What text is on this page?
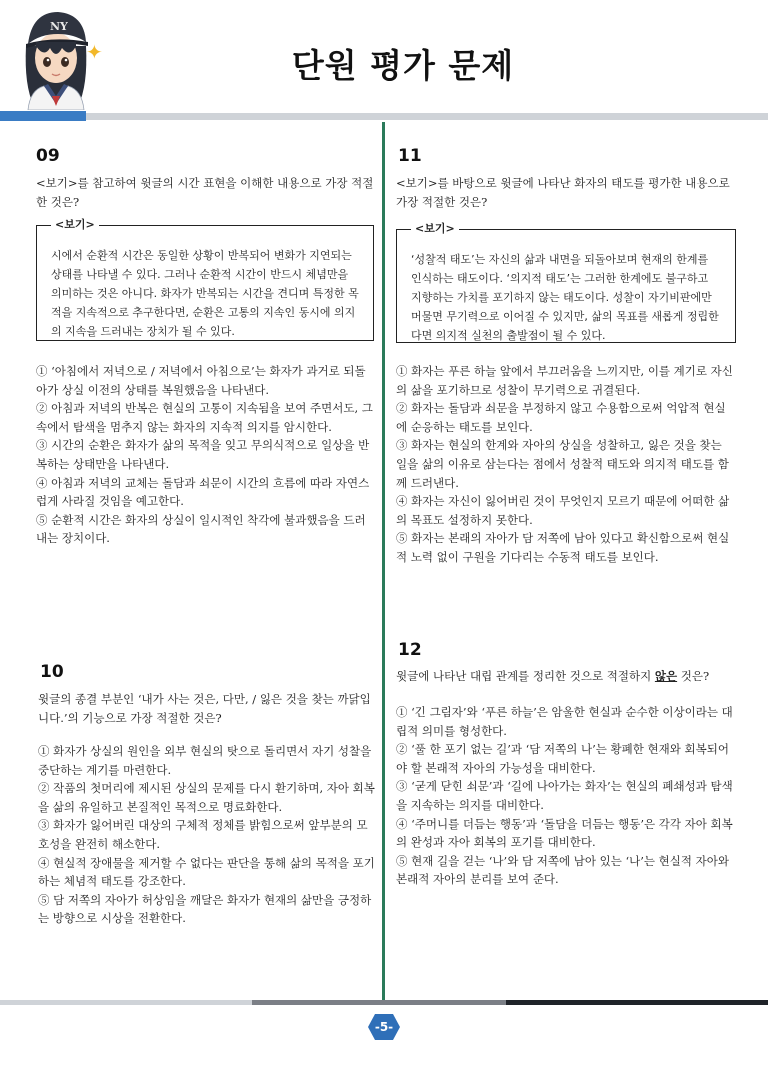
NY
✦	단원 평가 문제
09
<보기>를 참고하여 윗글의 시간 표현을 이해한 내용으로 가장 적절한 것은?
<보기>
시에서 순환적 시간은 동일한 상황이 반복되어 변화가 지연되는 상태를 나타낼 수 있다. 그러나 순환적 시간이 반드시 체념만을 의미하는 것은 아니다. 화자가 반복되는 시간을 견디며 특정한 목적을 지속적으로 추구한다면, 순환은 고통의 지속인 동시에 의지의 지속을 드러내는 장치가 될 수 있다.
① ‘아침에서 저녁으로 / 저녁에서 아침으로’는 화자가 과거로 되돌아가 상실 이전의 상태를 복원했음을 나타낸다.
② 아침과 저녁의 반복은 현실의 고통이 지속됨을 보여 주면서도, 그 속에서 탐색을 멈추지 않는 화자의 지속적 의지를 암시한다.
③ 시간의 순환은 화자가 삶의 목적을 잊고 무의식적으로 일상을 반복하는 상태만을 나타낸다.
④ 아침과 저녁의 교체는 돌담과 쇠문이 시간의 흐름에 따라 자연스럽게 사라질 것임을 예고한다.
⑤ 순환적 시간은 화자의 상실이 일시적인 착각에 불과했음을 드러내는 장치이다.
10
윗글의 종결 부분인 ‘내가 사는 것은, 다만, / 잃은 것을 찾는 까닭입니다.’의 기능으로 가장 적절한 것은?
① 화자가 상실의 원인을 외부 현실의 탓으로 돌리면서 자기 성찰을 중단하는 계기를 마련한다.
② 작품의 첫머리에 제시된 상실의 문제를 다시 환기하며, 자아 회복을 삶의 유일하고 본질적인 목적으로 명료화한다.
③ 화자가 잃어버린 대상의 구체적 정체를 밝힘으로써 앞부분의 모호성을 완전히 해소한다.
④ 현실적 장애물을 제거할 수 없다는 판단을 통해 삶의 목적을 포기하는 체념적 태도를 강조한다.
⑤ 담 저쪽의 자아가 허상임을 깨달은 화자가 현재의 삶만을 긍정하는 방향으로 시상을 전환한다.
11
<보기>를 바탕으로 윗글에 나타난 화자의 태도를 평가한 내용으로 가장 적절한 것은?
<보기>
‘성찰적 태도’는 자신의 삶과 내면을 되돌아보며 현재의 한계를 인식하는 태도이다. ‘의지적 태도’는 그러한 한계에도 불구하고 지향하는 가치를 포기하지 않는 태도이다. 성찰이 자기비판에만 머물면 무기력으로 이어질 수 있지만, 삶의 목표를 새롭게 정립한다면 의지적 실천의 출발점이 될 수 있다.
① 화자는 푸른 하늘 앞에서 부끄러움을 느끼지만, 이를 계기로 자신의 삶을 포기하므로 성찰이 무기력으로 귀결된다.
② 화자는 돌담과 쇠문을 부정하지 않고 수용함으로써 억압적 현실에 순응하는 태도를 보인다.
③ 화자는 현실의 한계와 자아의 상실을 성찰하고, 잃은 것을 찾는 일을 삶의 이유로 삼는다는 점에서 성찰적 태도와 의지적 태도를 함께 드러낸다.
④ 화자는 자신이 잃어버린 것이 무엇인지 모르기 때문에 어떠한 삶의 목표도 설정하지 못한다.
⑤ 화자는 본래의 자아가 담 저쪽에 남아 있다고 확신함으로써 현실적 노력 없이 구원을 기다리는 수동적 태도를 보인다.
12
윗글에 나타난 대립 관계를 정리한 것으로 적절하지 않은 것은?
① ‘긴 그림자’와 ‘푸른 하늘’은 암울한 현실과 순수한 이상이라는 대립적 의미를 형성한다.
② ‘풀 한 포기 없는 길’과 ‘담 저쪽의 나’는 황폐한 현재와 회복되어야 할 본래적 자아의 가능성을 대비한다.
③ ‘굳게 닫힌 쇠문’과 ‘길에 나아가는 화자’는 현실의 폐쇄성과 탐색을 지속하는 의지를 대비한다.
④ ‘주머니를 더듬는 행동’과 ‘돌담을 더듬는 행동’은 각각 자아 회복의 완성과 자아 회복의 포기를 대비한다.
⑤ 현재 길을 걷는 ‘나’와 담 저쪽에 남아 있는 ‘나’는 현실적 자아와 본래적 자아의 분리를 보여 준다.
-5-
